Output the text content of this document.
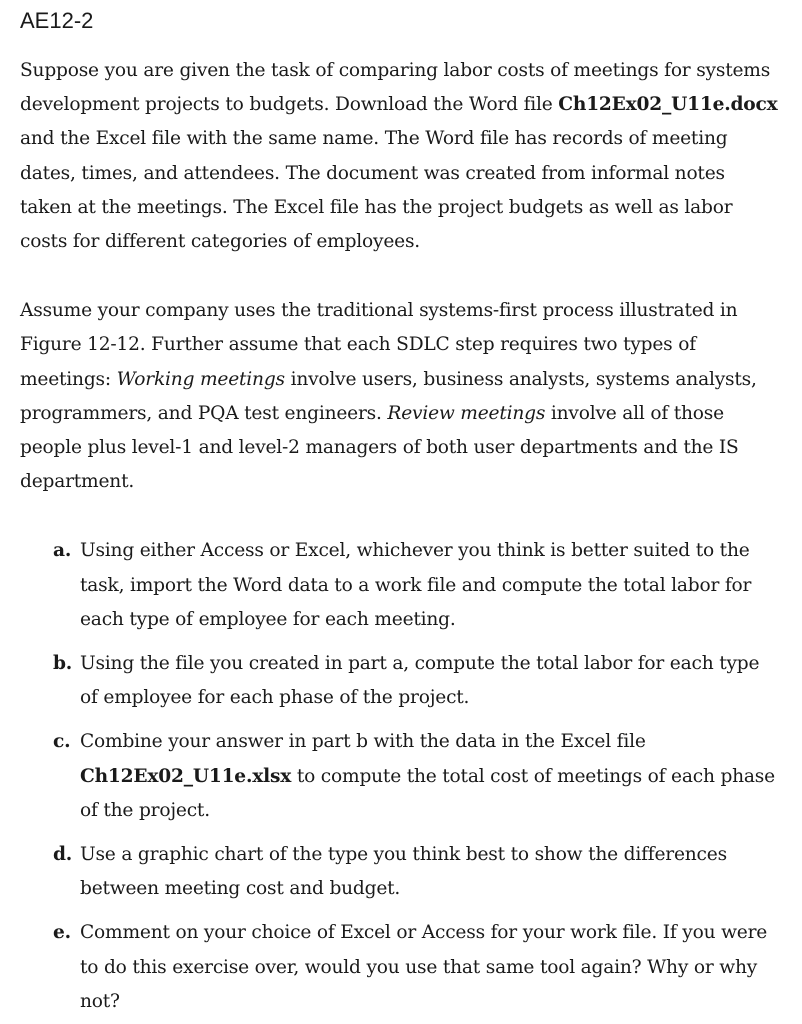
AE12-2

Suppose you are given the task of comparing labor costs of meetings for systems development projects to budgets. Download the Word file Ch12Ex02_U11e.docx and the Excel file with the same name. The Word file has records of meeting dates, times, and attendees. The document was created from informal notes taken at the meetings. The Excel file has the project budgets as well as labor costs for different categories of employees.

Assume your company uses the traditional systems-first process illustrated in Figure 12-12. Further assume that each SDLC step requires two types of meetings: Working meetings involve users, business analysts, systems analysts, programmers, and PQA test engineers. Review meetings involve all of those people plus level-1 and level-2 managers of both user departments and the IS department.

a. Using either Access or Excel, whichever you think is better suited to the task, import the Word data to a work file and compute the total labor for each type of employee for each meeting.
b. Using the file you created in part a, compute the total labor for each type of employee for each phase of the project.
c. Combine your answer in part b with the data in the Excel file Ch12Ex02_U11e.xlsx to compute the total cost of meetings of each phase of the project.
d. Use a graphic chart of the type you think best to show the differences between meeting cost and budget.
e. Comment on your choice of Excel or Access for your work file. If you were to do this exercise over, would you use that same tool again? Why or why not?
